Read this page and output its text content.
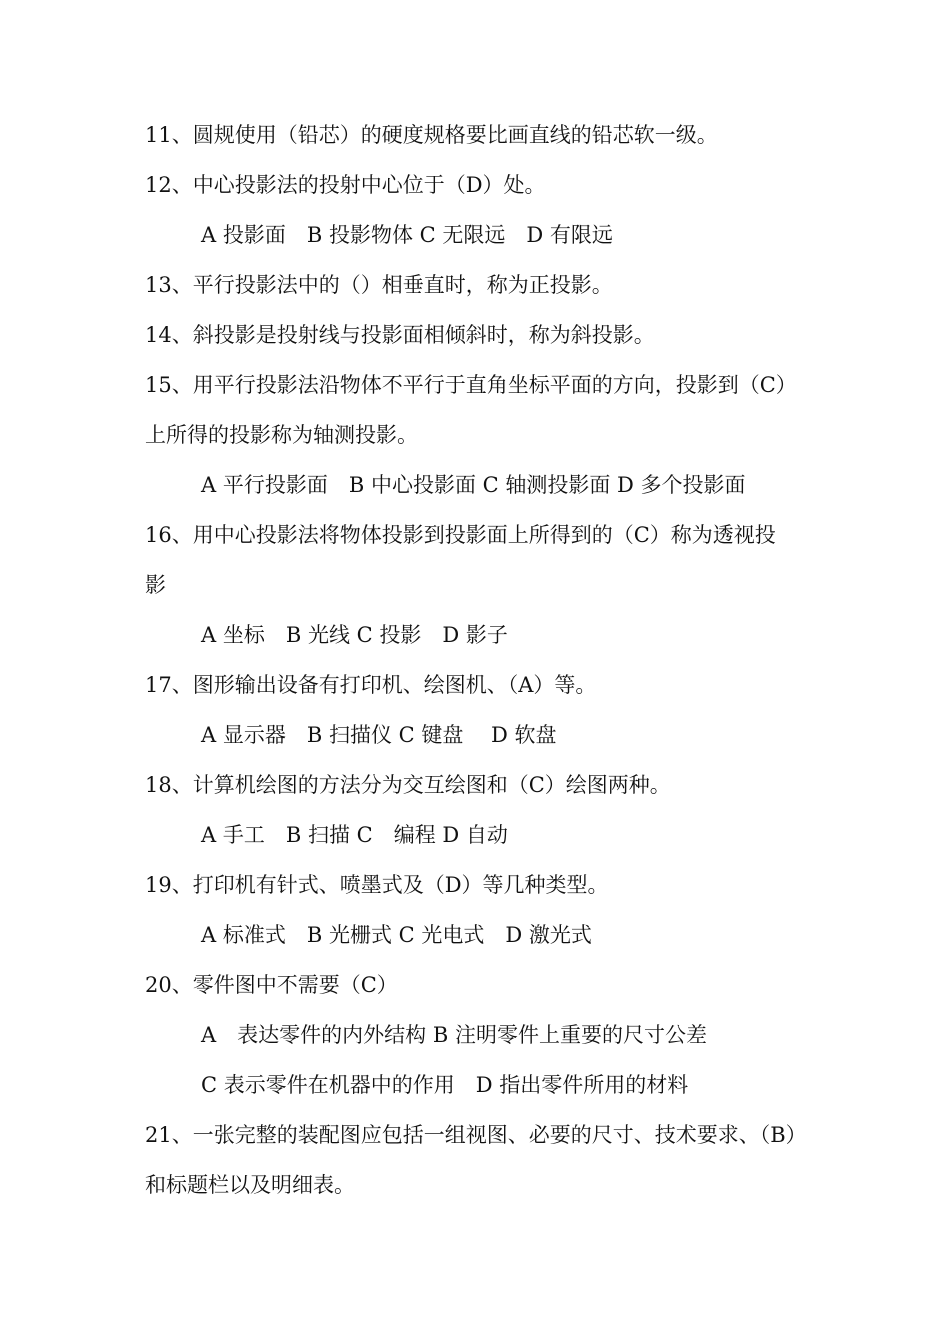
11、圆规使用（铅芯）的硬度规格要比画直线的铅芯软一级。
12、中心投影法的投射中心位于（D）处。
A 投影面　B 投影物体 C 无限远　D 有限远
13、平行投影法中的（）相垂直时，称为正投影。
14、斜投影是投射线与投影面相倾斜时，称为斜投影。
15、用平行投影法沿物体不平行于直角坐标平面的方向，投影到（C）
上所得的投影称为轴测投影。
A 平行投影面　B 中心投影面 C 轴测投影面 D 多个投影面
16、用中心投影法将物体投影到投影面上所得到的（C）称为透视投
影
A 坐标　B 光线 C 投影　D 影子
17、图形输出设备有打印机、绘图机、（A）等。
A 显示器　B 扫描仪 C 键盘　 D 软盘
18、计算机绘图的方法分为交互绘图和（C）绘图两种。
A 手工　B 扫描 C　编程 D 自动
19、打印机有针式、喷墨式及（D）等几种类型。
A 标准式　B 光栅式 C 光电式　D 激光式
20、零件图中不需要（C）
A　表达零件的内外结构 B 注明零件上重要的尺寸公差
C 表示零件在机器中的作用　D 指出零件所用的材料
21、一张完整的装配图应包括一组视图、必要的尺寸、技术要求、（B）
和标题栏以及明细表。
